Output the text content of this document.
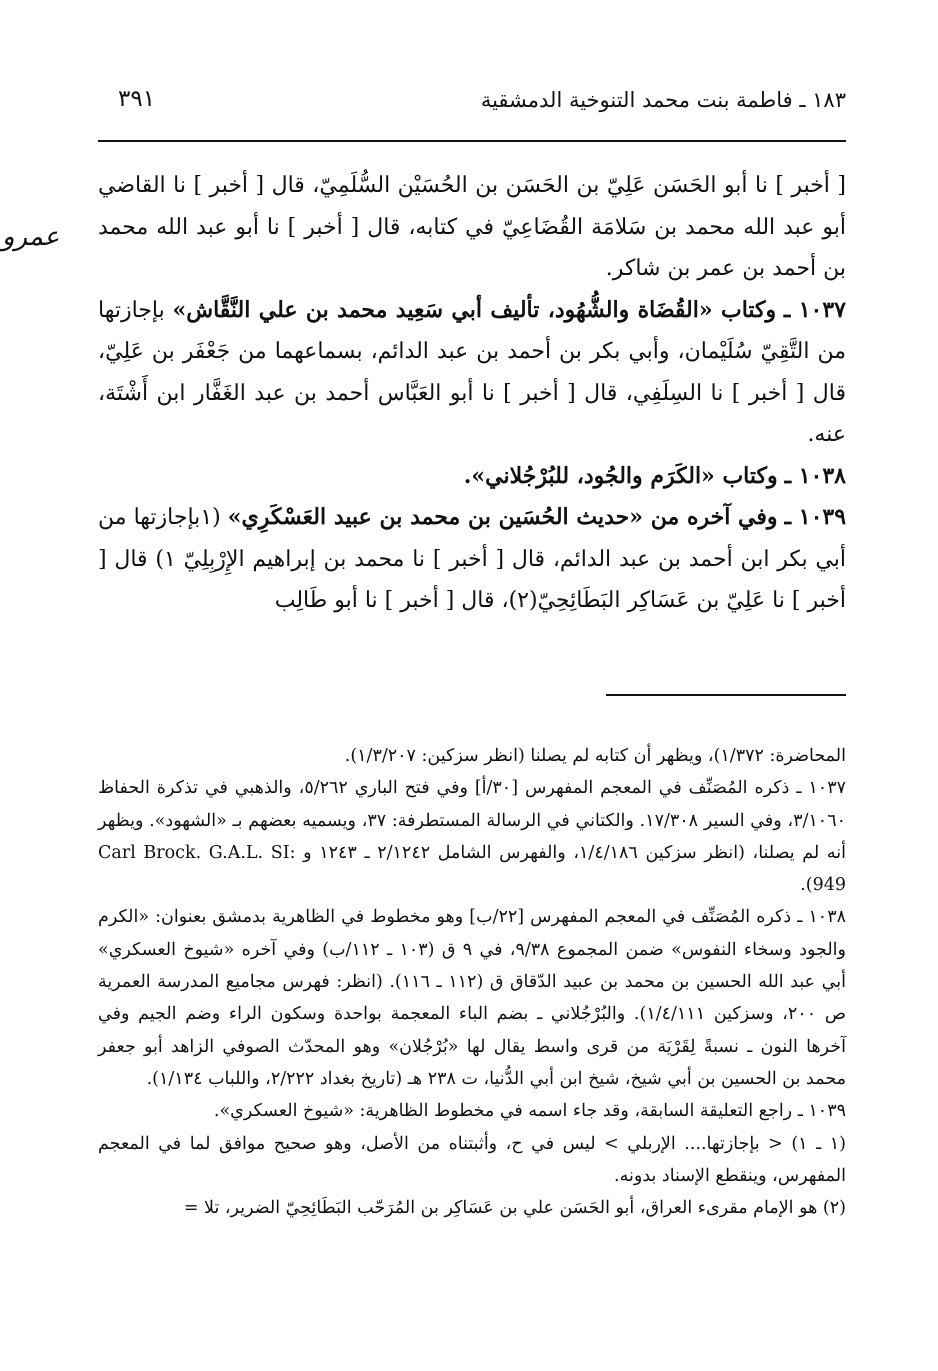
١٨٣ ـ فاطمة بنت محمد التنوخية الدمشقية
٣٩١
عمرو

[ أخبر ] نا أبو الحَسَن عَلِيّ بن الحَسَن بن الحُسَيْن السُّلَمِيّ، قال [ أخبر ] نا القاضي أبو عبد الله محمد بن سَلامَة القُضَاعِيّ في كتابه، قال [ أخبر ] نا أبو عبد الله محمد بن أحمد بن عمر بن شاكر.

١٠٣٧ ـ وكتاب «القُضَاة والشُّهُود، تأليف أبي سَعِيد محمد بن علي النَّقَّاش» بإجازتها من التَّقِيّ سُلَيْمان، وأبي بكر بن أحمد بن عبد الدائم، بسماعهما من جَعْفَر بن عَلِيّ، قال [ أخبر ] نا السِلَفِي، قال [ أخبر ] نا أبو العَبَّاس أحمد بن عبد الغَفَّار ابن أَشْتَة، عنه.

١٠٣٨ ـ وكتاب «الكَرَم والجُود، للبُرْجُلاني».

١٠٣٩ ـ وفي آخره من «حديث الحُسَين بن محمد بن عبيد العَسْكَرِي» (١بإجازتها من أبي بكر ابن أحمد بن عبد الدائم، قال [ أخبر ] نا محمد بن إبراهيم الإِرْبِلِيّ ١) قال [ أخبر ] نا عَلِيّ بن عَسَاكِر البَطَائِحِيّ(٢)، قال [ أخبر ] نا أبو طَالِب

المحاضرة: ١/٣٧٢)، ويظهر أن كتابه لم يصلنا (انظر سزكين: ١/٣/٢٠٧).

١٠٣٧ ـ ذكره المُصَنِّف في المعجم المفهرس [٣٠/أ] وفي فتح الباري ٥/٢٦٢، والذهبي في تذكرة الحفاظ ٣/١٠٦٠، وفي السير ١٧/٣٠٨. والكتاني في الرسالة المستطرفة: ٣٧، ويسميه بعضهم بـ «الشهود». ويظهر أنه لم يصلنا، (انظر سزكين ١/٤/١٨٦، والفهرس الشامل ٢/١٢٤٢ ـ ١٢٤٣ و Carl Brock. G.A.L. SI: 949).

١٠٣٨ ـ ذكره المُصَنِّف في المعجم المفهرس [٢٢/ب] وهو مخطوط في الظاهرية بدمشق بعنوان: «الكرم والجود وسخاء النفوس» ضمن المجموع ٩/٣٨، في ٩ ق (١٠٣ ـ ١١٢/ب) وفي آخره «شيوخ العسكري» أبي عبد الله الحسين بن محمد بن عبيد الدّقاق ق (١١٢ ـ ١١٦). (انظر: فهرس مجاميع المدرسة العمرية ص ٢٠٠، وسزكين ١/٤/١١١). والبُرْجُلاني ـ بضم الباء المعجمة بواحدة وسكون الراء وضم الجيم وفي آخرها النون ـ نسبةً لِقَرْيَة من قرى واسط يقال لها «بُرْجُلان» وهو المحدّث الصوفي الزاهد أبو جعفر محمد بن الحسين بن أبي شيخ، شيخ ابن أبي الدُّنيا، ت ٢٣٨ هـ (تاريخ بغداد ٢/٢٢٢، واللباب ١/١٣٤).

١٠٣٩ ـ راجع التعليقة السابقة، وقد جاء اسمه في مخطوط الظاهرية: «شيوخ العسكري».

(١ ـ ١) < بإجازتها.... الإربلي > ليس في ح، وأثبتناه من الأصل، وهو صحيح موافق لما في المعجم المفهرس، وينقطع الإسناد بدونه.

(٢) هو الإمام مقرىء العراق، أبو الحَسَن علي بن عَسَاكِر بن المُرَحّب البَطَائِحِيّ الضرير، تلا =
